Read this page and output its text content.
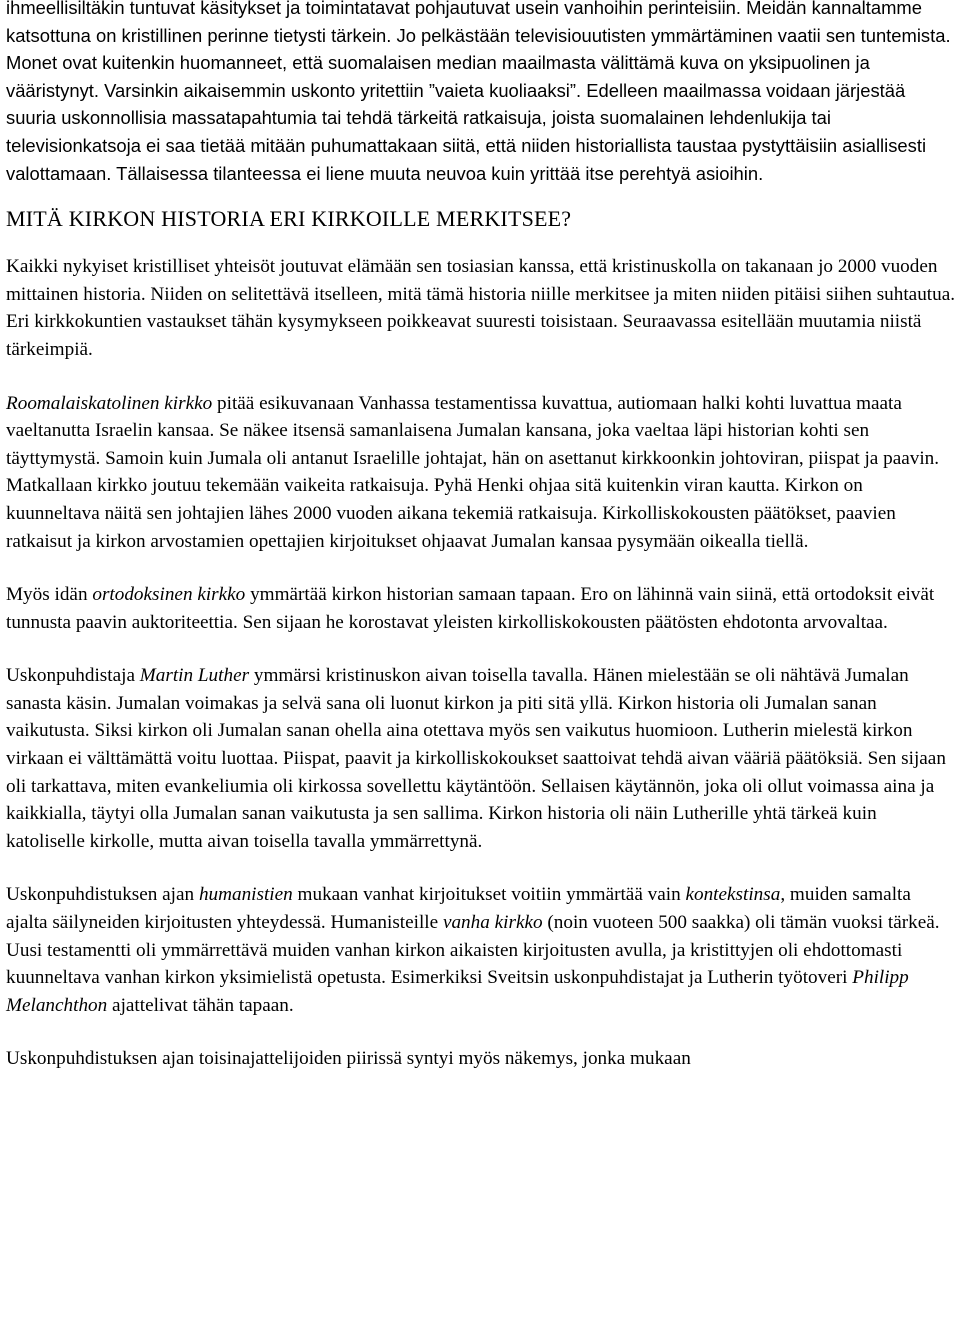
ihmeellisiltäkin tuntuvat käsitykset ja toimintatavat pohjautuvat usein vanhoihin perinteisiin. Meidän kannaltamme katsottuna on kristillinen perinne tietysti tärkein. Jo pelkästään televisiouutisten ymmärtäminen vaatii sen tuntemista. Monet ovat kuitenkin huomanneet, että suomalaisen median maailmasta välittämä kuva on yksipuolinen ja vääristynyt. Varsinkin aikaisemmin uskonto yritettiin ”vaieta kuoliaaksi”. Edelleen maailmassa voidaan järjestää suuria uskonnollisia massatapahtumia tai tehdä tärkeitä ratkaisuja, joista suomalainen lehdenlukija tai televisionkatsoja ei saa tietää mitään puhumattakaan siitä, että niiden historiallista taustaa pystyttäisiin asiallisesti valottamaan. Tällaisessa tilanteessa ei liene muuta neuvoa kuin yrittää itse perehtyä asioihin.

MITÄ KIRKON HISTORIA ERI KIRKOILLE MERKITSEE?

Kaikki nykyiset kristilliset yhteisöt joutuvat elämään sen tosiasian kanssa, että kristinuskolla on takanaan jo 2000 vuoden mittainen historia. Niiden on selitettävä itselleen, mitä tämä historia niille merkitsee ja miten niiden pitäisi siihen suhtautua. Eri kirkkokuntien vastaukset tähän kysymykseen poikkeavat suuresti toisistaan. Seuraavassa esitellään muutamia niistä tärkeimpiä.

Roomalaiskatolinen kirkko pitää esikuvanaan Vanhassa testamentissa kuvattua, autiomaan halki kohti luvattua maata vaeltanutta Israelin kansaa. Se näkee itsensä samanlaisena Jumalan kansana, joka vaeltaa läpi historian kohti sen täyttymystä. Samoin kuin Jumala oli antanut Israelille johtajat, hän on asettanut kirkkoonkin johtoviran, piispat ja paavin. Matkallaan kirkko joutuu tekemään vaikeita ratkaisuja. Pyhä Henki ohjaa sitä kuitenkin viran kautta. Kirkon on kuunneltava näitä sen johtajien lähes 2000 vuoden aikana tekemiä ratkaisuja. Kirkolliskokousten päätökset, paavien ratkaisut ja kirkon arvostamien opettajien kirjoitukset ohjaavat Jumalan kansaa pysymään oikealla tiellä.

Myös idän ortodoksinen kirkko ymmärtää kirkon historian samaan tapaan. Ero on lähinnä vain siinä, että ortodoksit eivät tunnusta paavin auktoriteettia. Sen sijaan he korostavat yleisten kirkolliskokousten päätösten ehdotonta arvovaltaa.

Uskonpuhdistaja Martin Luther ymmärsi kristinuskon aivan toisella tavalla. Hänen mielestään se oli nähtävä Jumalan sanasta käsin. Jumalan voimakas ja selvä sana oli luonut kirkon ja piti sitä yllä. Kirkon historia oli Jumalan sanan vaikutusta. Siksi kirkon oli Jumalan sanan ohella aina otettava myös sen vaikutus huomioon. Lutherin mielestä kirkon virkaan ei välttämättä voitu luottaa. Piispat, paavit ja kirkolliskokoukset saattoivat tehdä aivan vääriä päätöksiä. Sen sijaan oli tarkattava, miten evankeliumia oli kirkossa sovellettu käytäntöön. Sellaisen käytännön, joka oli ollut voimassa aina ja kaikkialla, täytyi olla Jumalan sanan vaikutusta ja sen sallima. Kirkon historia oli näin Lutherille yhtä tärkeä kuin katoliselle kirkolle, mutta aivan toisella tavalla ymmärrettynä.

Uskonpuhdistuksen ajan humanistien mukaan vanhat kirjoitukset voitiin ymmärtää vain kontekstinsa, muiden samalta ajalta säilyneiden kirjoitusten yhteydessä. Humanisteille vanha kirkko (noin vuoteen 500 saakka) oli tämän vuoksi tärkeä. Uusi testamentti oli ymmärrettävä muiden vanhan kirkon aikaisten kirjoitusten avulla, ja kristittyjen oli ehdottomasti kuunneltava vanhan kirkon yksimielistä opetusta. Esimerkiksi Sveitsin uskonpuhdistajat ja Lutherin työtoveri Philipp Melanchthon ajattelivat tähän tapaan.

Uskonpuhdistuksen ajan toisinajattelijoiden piirissä syntyi myös näkemys, jonka mukaan
